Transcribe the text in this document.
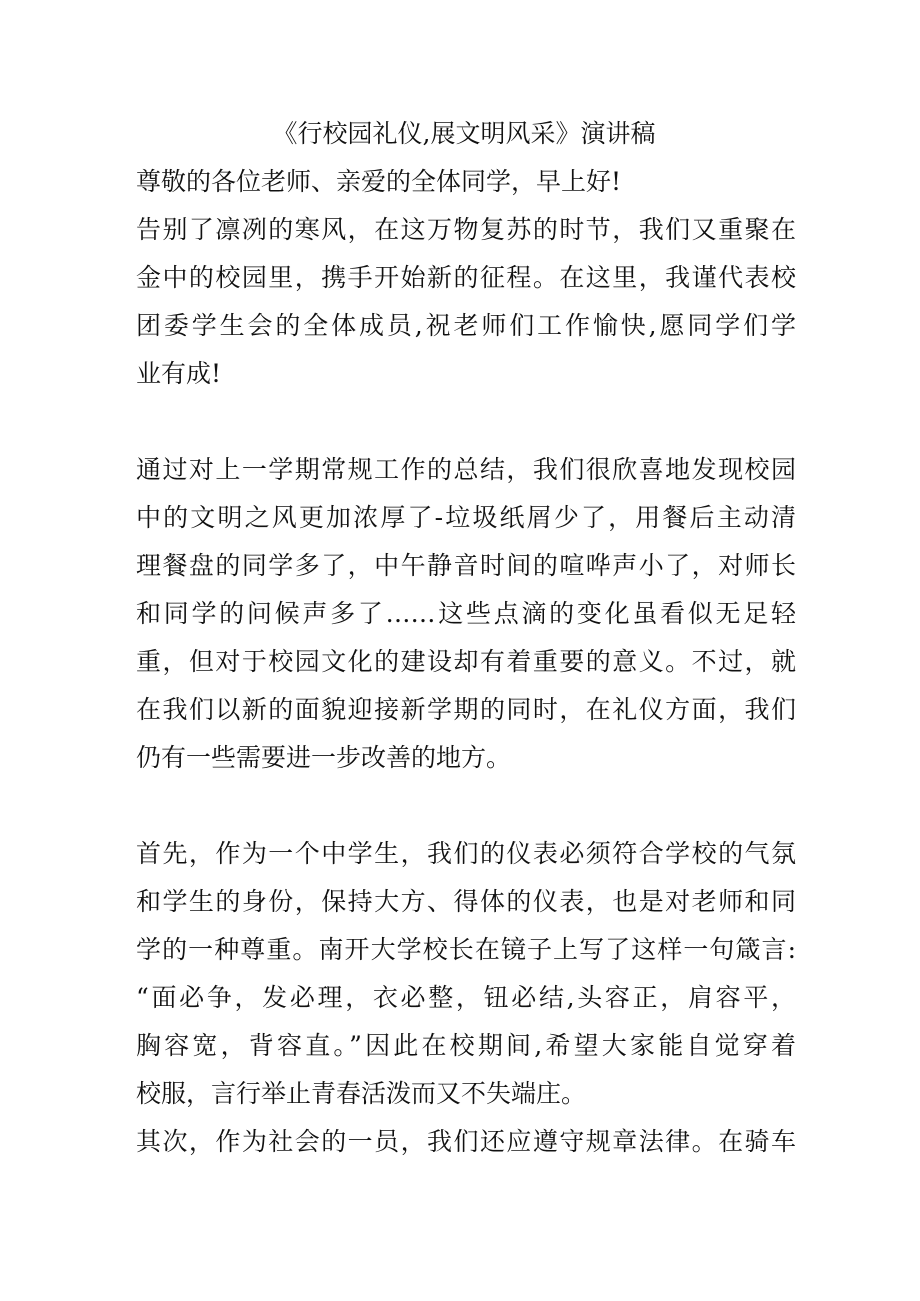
《行校园礼仪,展文明风采》演讲稿
尊敬的各位老师、亲爱的全体同学，早上好!
告别了凛冽的寒风，在这万物复苏的时节，我们又重聚在
金中的校园里，携手开始新的征程。在这里，我谨代表校
团委学生会的全体成员,祝老师们工作愉快,愿同学们学
业有成!
通过对上一学期常规工作的总结，我们很欣喜地发现校园
中的文明之风更加浓厚了-垃圾纸屑少了，用餐后主动清
理餐盘的同学多了，中午静音时间的喧哗声小了，对师长
和同学的问候声多了……这些点滴的变化虽看似无足轻
重，但对于校园文化的建设却有着重要的意义。不过，就
在我们以新的面貌迎接新学期的同时，在礼仪方面，我们
仍有一些需要进一步改善的地方。
首先，作为一个中学生，我们的仪表必须符合学校的气氛
和学生的身份，保持大方、得体的仪表，也是对老师和同
学的一种尊重。南开大学校长在镜子上写了这样一句箴言:
“面必争，发必理，衣必整，钮必结,头容正，肩容平，
胸容宽，背容直。”因此在校期间,希望大家能自觉穿着
校服，言行举止青春活泼而又不失端庄。
其次，作为社会的一员，我们还应遵守规章法律。在骑车
